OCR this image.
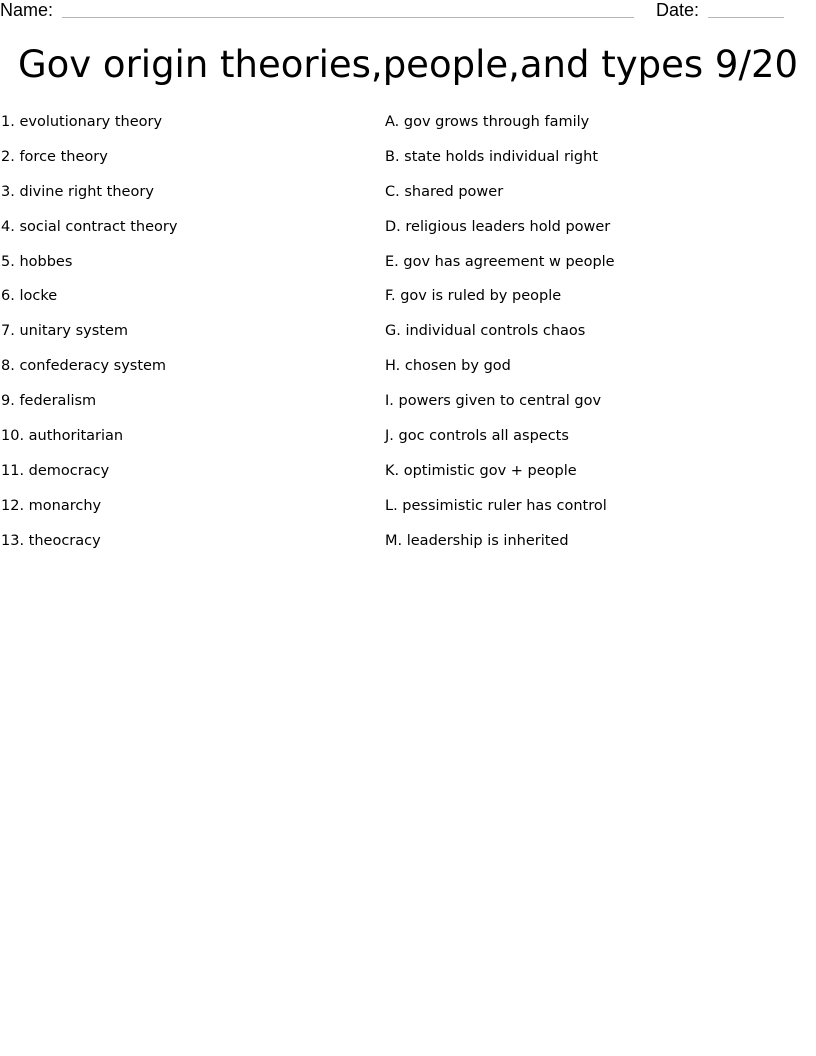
Name:	Date:
Gov origin theories,people,and types 9/20
1. evolutionary theory
2. force theory
3. divine right theory
4. social contract theory
5. hobbes
6. locke
7. unitary system
8. confederacy system
9. federalism
10. authoritarian
11. democracy
12. monarchy
13. theocracy
A. gov grows through family
B. state holds individual right
C. shared power
D. religious leaders hold power
E. gov has agreement w people
F. gov is ruled by people
G. individual controls chaos
H. chosen by god
I. powers given to central gov
J. goc controls all aspects
K. optimistic gov + people
L. pessimistic ruler has control
M. leadership is inherited
